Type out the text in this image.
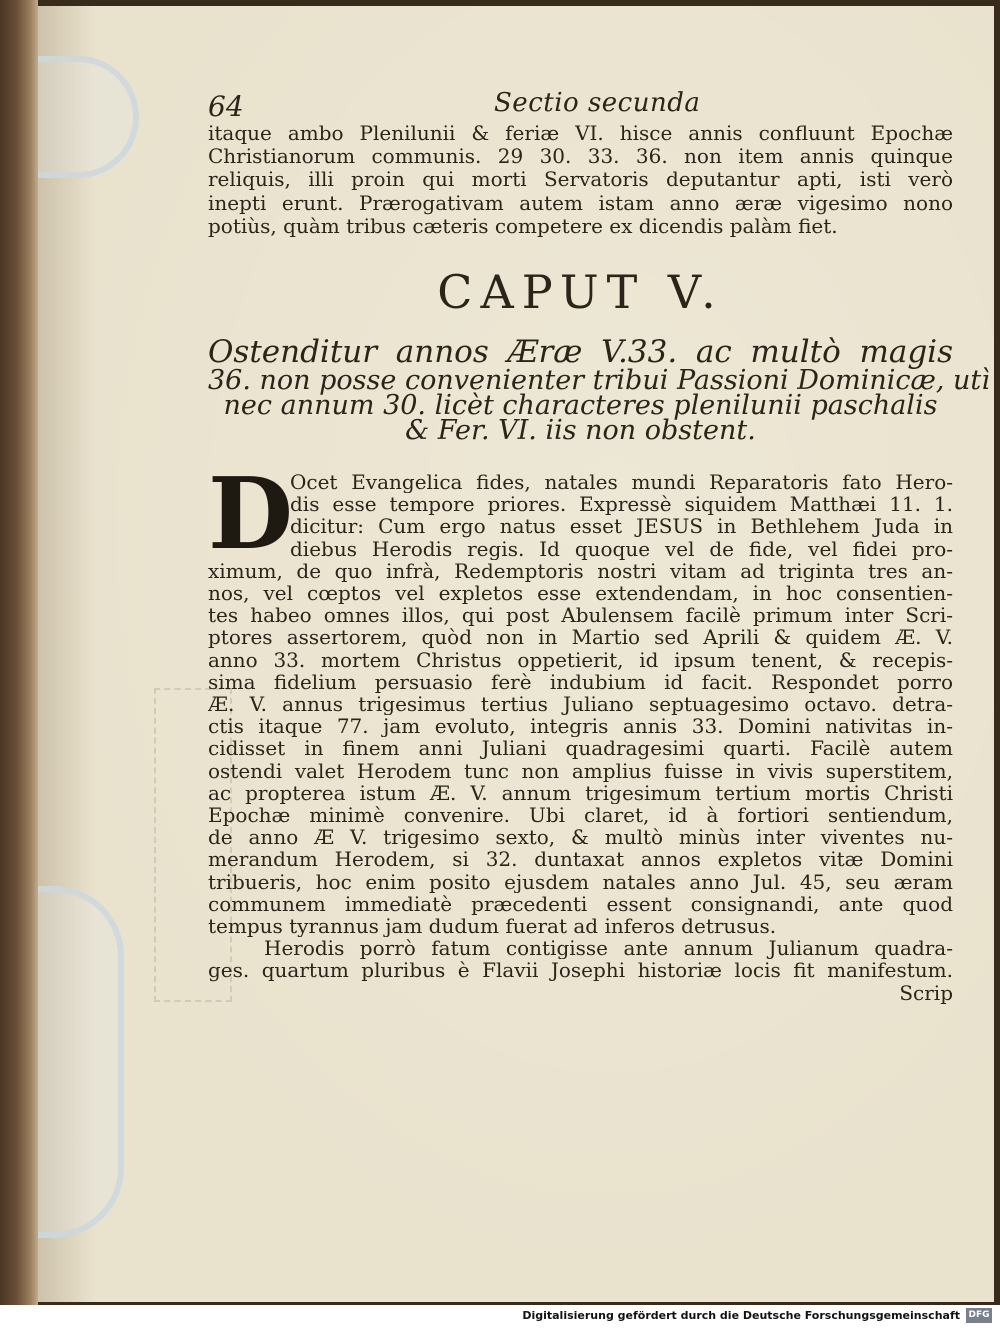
64	Sectio secunda
itaque ambo Plenilunii & feriæ VI. hisce annis confluunt Epochæ
Christianorum communis. 29 30. 33. 36. non item annis quinque
reliquis, illi proin qui morti Servatoris deputantur apti, isti verò
inepti erunt. Prærogativam autem istam anno æræ vigesimo nono
potiùs, quàm tribus cæteris competere ex dicendis palàm fiet.
CAPUT V.
Ostenditur annos Æræ V.33. ac multò magis
36. non posse convenienter tribui Passioni Dominicæ, utì
nec annum 30. licèt characteres plenilunii paschalis
& Fer. VI. iis non obstent.
D
Ocet Evangelica fides, natales mundi Reparatoris fato Hero-
dis esse tempore priores. Expressè siquidem Matthæi 11. 1.
dicitur: Cum ergo natus esset JESUS in Bethlehem Juda in
diebus Herodis regis. Id quoque vel de fide, vel fidei pro-
ximum, de quo infrà, Redemptoris nostri vitam ad triginta tres an-
nos, vel cœptos vel expletos esse extendendam, in hoc consentien-
tes habeo omnes illos, qui post Abulensem facilè primum inter Scri-
ptores assertorem, quòd non in Martio sed Aprili & quidem Æ. V.
anno 33. mortem Christus oppetierit, id ipsum tenent, & recepis-
sima fidelium persuasio ferè indubium id facit. Respondet porro
Æ. V. annus trigesimus tertius Juliano septuagesimo octavo. detra-
ctis itaque 77. jam evoluto, integris annis 33. Domini nativitas in-
cidisset in finem anni Juliani quadragesimi quarti. Facilè autem
ostendi valet Herodem tunc non amplius fuisse in vivis superstitem,
ac propterea istum Æ. V. annum trigesimum tertium mortis Christi
Epochæ minimè convenire. Ubi claret, id à fortiori sentiendum,
de anno Æ V. trigesimo sexto, & multò minùs inter viventes nu-
merandum Herodem, si 32. duntaxat annos expletos vitæ Domini
tribueris, hoc enim posito ejusdem natales anno Jul. 45, seu æram
communem immediatè præcedenti essent consignandi, ante quod
tempus tyrannus jam dudum fuerat ad inferos detrusus.
Herodis porrò fatum contigisse ante annum Julianum quadra-
ges. quartum pluribus è Flavii Josephi historiæ locis fit manifestum.
Scrip
Digitalisierung gefördert durch die Deutsche Forschungsgemeinschaft DFG
